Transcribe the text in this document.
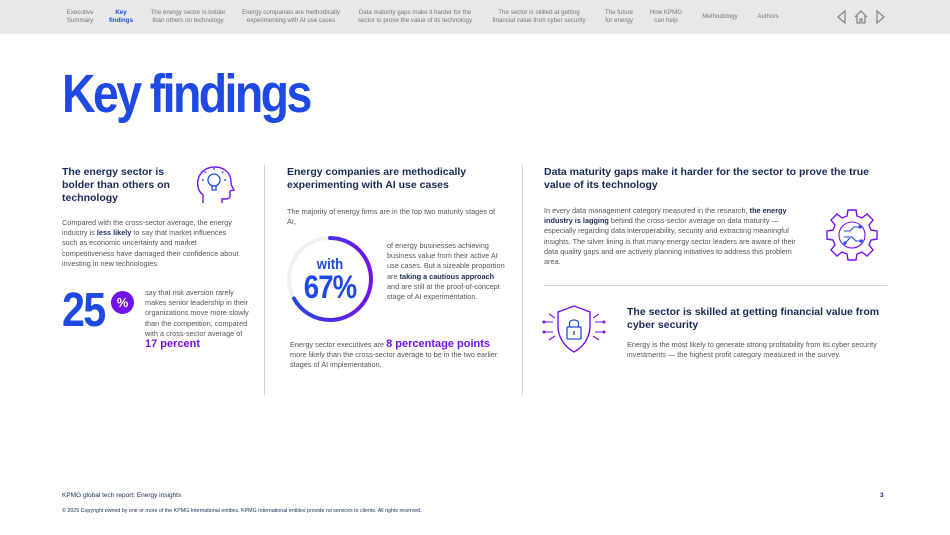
Executive
Summary
Key
findings
The energy sector is bolder
than others on technology
Energy companies are methodically
experimenting with AI use cases
Data maturity gaps make it harder for the
sector to prove the value of its technology
The sector is skilled at getting
financial value from cyber security
The future
for energy
How KPMG
can help
Methodology	Authors
Key findings
The energy sector is bolder than others on technology
Compared with the cross-sector average, the energy industry is less likely to say that market influences such as economic uncertainty and market competitiveness have damaged their confidence about investing in new technologies.
25 %
say that risk aversion rarely makes senior leadership in their organizations move more slowly than the competition, compared with a cross-sector average of
17 percent
Energy companies are methodically experimenting with AI use cases
The majority of energy firms are in the top two maturity stages of AI,
with
67%
of energy businesses achieving business value from their active AI use cases. But a sizeable proportion are taking a cautious approach and are still at the proof-of-concept stage of AI experimentation.
Energy sector executives are 8 percentage points more likely than the cross-sector average to be in the two earlier stages of AI implementation.
Data maturity gaps make it harder for the sector to prove the true value of its technology
In every data management category measured in the research, the energy industry is lagging behind the cross-sector average on data maturity — especially regarding data interoperability, security and extracting meaningful insights. The silver lining is that many energy sector leaders are aware of their data quality gaps and are actively planning initiatives to address this problem area.
The sector is skilled at getting financial value from cyber security
Energy is the most likely to generate strong profitability from its cyber security investments — the highest profit category measured in the survey.
KPMG global tech report: Energy insights	3
© 2025 Copyright owned by one or more of the KPMG International entities. KPMG International entities provide no services to clients. All rights reserved.
